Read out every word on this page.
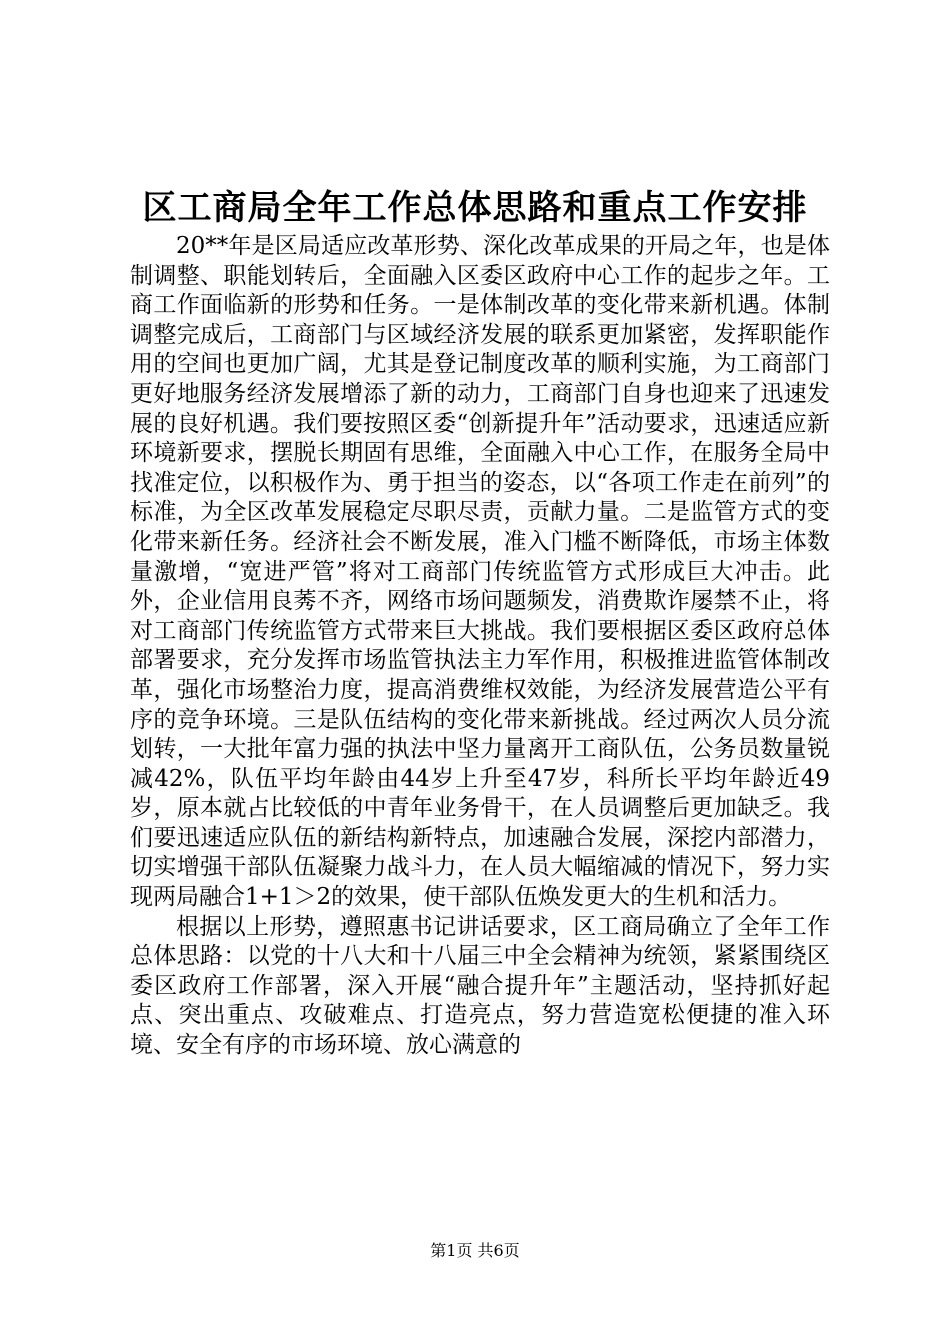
区工商局全年工作总体思路和重点工作安排

20**年是区局适应改革形势、深化改革成果的开局之年，也是体制调整、职能划转后，全面融入区委区政府中心工作的起步之年。工商工作面临新的形势和任务。一是体制改革的变化带来新机遇。体制调整完成后，工商部门与区域经济发展的联系更加紧密，发挥职能作用的空间也更加广阔，尤其是登记制度改革的顺利实施，为工商部门更好地服务经济发展增添了新的动力，工商部门自身也迎来了迅速发展的良好机遇。我们要按照区委“创新提升年”活动要求，迅速适应新环境新要求，摆脱长期固有思维，全面融入中心工作，在服务全局中找准定位，以积极作为、勇于担当的姿态，以“各项工作走在前列”的标准，为全区改革发展稳定尽职尽责，贡献力量。二是监管方式的变化带来新任务。经济社会不断发展，准入门槛不断降低，市场主体数量激增，“宽进严管”将对工商部门传统监管方式形成巨大冲击。此外，企业信用良莠不齐，网络市场问题频发，消费欺诈屡禁不止，将对工商部门传统监管方式带来巨大挑战。我们要根据区委区政府总体部署要求，充分发挥市场监管执法主力军作用，积极推进监管体制改革，强化市场整治力度，提高消费维权效能，为经济发展营造公平有序的竞争环境。三是队伍结构的变化带来新挑战。经过两次人员分流划转，一大批年富力强的执法中坚力量离开工商队伍，公务员数量锐减42%，队伍平均年龄由44岁上升至47岁，科所长平均年龄近49岁，原本就占比较低的中青年业务骨干，在人员调整后更加缺乏。我们要迅速适应队伍的新结构新特点，加速融合发展，深挖内部潜力，切实增强干部队伍凝聚力战斗力，在人员大幅缩减的情况下，努力实现两局融合1+1＞2的效果，使干部队伍焕发更大的生机和活力。

根据以上形势，遵照惠书记讲话要求，区工商局确立了全年工作总体思路：以党的十八大和十八届三中全会精神为统领，紧紧围绕区委区政府工作部署，深入开展“融合提升年”主题活动，坚持抓好起点、突出重点、攻破难点、打造亮点，努力营造宽松便捷的准入环境、安全有序的市场环境、放心满意的

第1页 共6页
